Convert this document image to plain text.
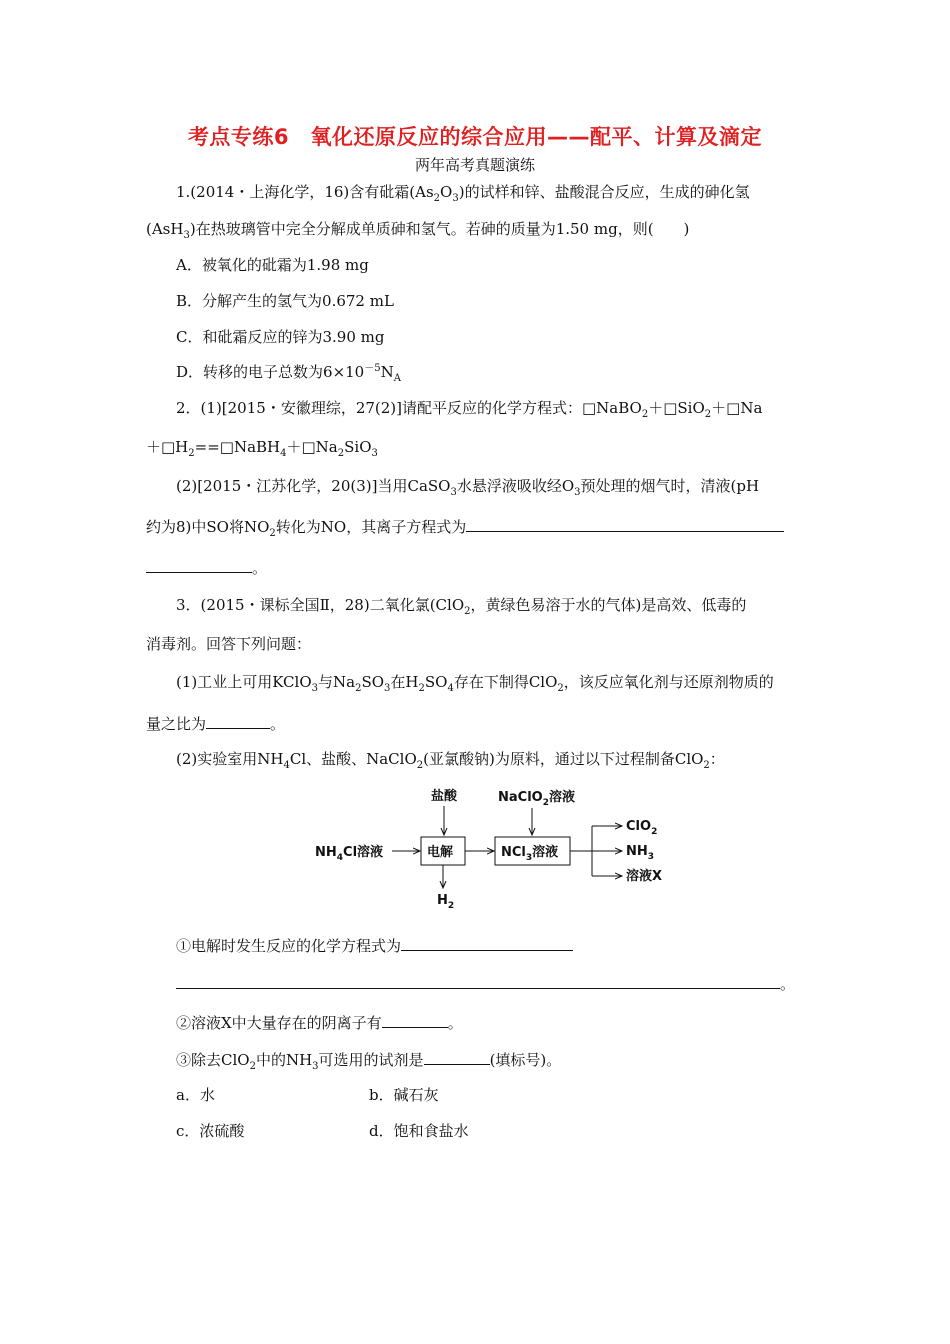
考点专练6　氧化还原反应的综合应用——配平、计算及滴定
两年高考真题演练
1.(2014・上海化学，16)含有砒霜$(As_2O_3)$的试样和锌、盐酸混合反应，生成的砷化氢
(AsH$_3$)在热玻璃管中完全分解成单质砷和氢气。若砷的质量为1.50 mg，则(　　)
A．被氧化的砒霜为1.98 mg
B．分解产生的氢气为0.672 mL
C．和砒霜反应的锌为3.90 mg
D．转移的电子总数为$6\times 10^{-5}N_A$
2．(1)[2015・安徽理综，27(2)]请配平反应的化学方程式：□NaBO$_2$＋□SiO$_2$＋□Na
$+□H_2==□NaBH_4+□Na_2SiO_3$
(2)[2015・江苏化学，20(3)]当用CaSO$_3$水悬浮液吸收经$O_3$预处理的烟气时，清液(pH
约为8)中SO将$NO_2$转化为NO，其离子方程式为
。
3．(2015・课标全国Ⅱ，28)二氧化氯(ClO$_2$，黄绿色易溶于水的气体)是高效、低毒的
消毒剂。回答下列问题：
(1)工业上可用KClO$_3$与$Na_2SO_3$在$H_2SO_4$存在下制得ClO$_2$，该反应氧化剂与还原剂物质的
量之比为	。
(2)实验室用$NH_4Cl$、盐酸、NaClO$_2$(亚氯酸钠)为原料，通过以下过程制备ClO$_2$：
盐酸	NaClO$_2$溶液
$NH_4Cl$溶液	电解	NCl$_3$溶液
ClO$_2$
$NH_3$
溶液X
$H_2$
①电解时发生反应的化学方程式为
。
②溶液X中大量存在的阴离子有	。
③除去ClO$_2$中的$NH_3$可选用的试剂是	(填标号)。
a．水	b．碱石灰
c．浓硫酸	d．饱和食盐水
